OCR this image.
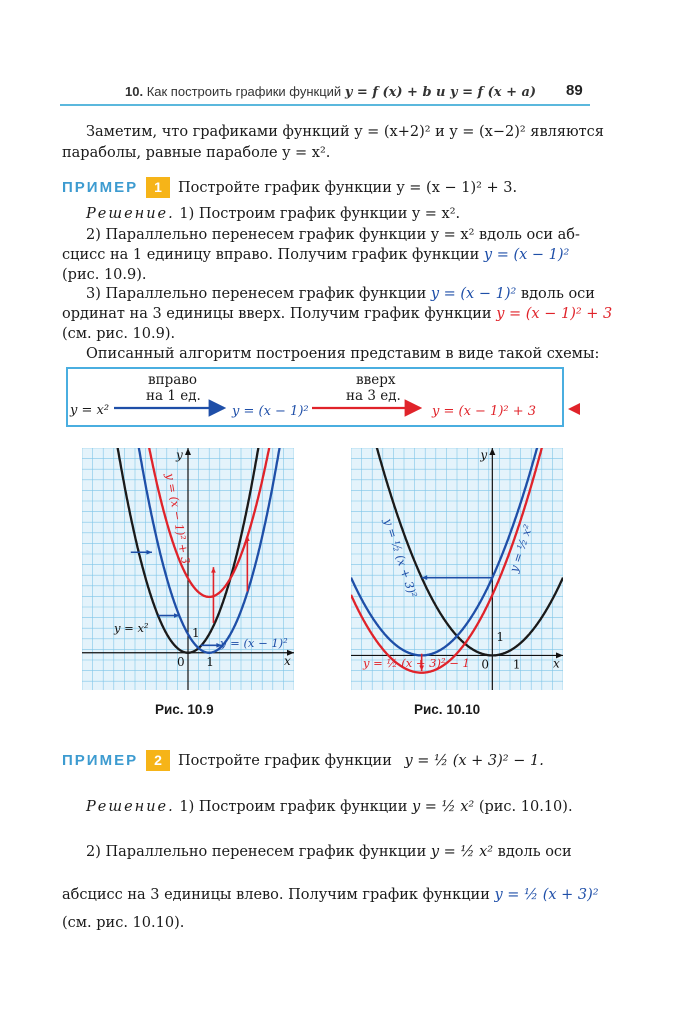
10. Как построить графики функций y = f (x) + b и y = f (x + a) 89
Заметим, что графиками функций y = (x+2)² и y = (x−2)² являются
параболы, равные параболе y = x².
ПРИМЕР	1	Постройте график функции y = (x − 1)² + 3.
Решение. 1) Построим график функции y = x².
2) Параллельно перенесем график функции y = x² вдоль оси аб-
сцисс на 1 единицу вправо. Получим график функции y = (x − 1)²
(рис. 10.9).
3) Параллельно перенесем график функции y = (x − 1)² вдоль оси
ординат на 3 единицы вверх. Получим график функции y = (x − 1)² + 3
(см. рис. 10.9).
Описанный алгоритм построения представим в виде такой схемы:
y = x²
вправо
на 1 ед.
y = (x − 1)²
вверх
на 3 ед.
y = (x − 1)² + 3
0 1
1
x
y
y = x²
y = (x − 1)²
y = (x − 1)² + 3
Рис. 10.9
0 1
1
x
y
y = ½ (x + 3)²
y = ½ (x + 3)² − 1
y = ½ x²
Рис. 10.10
ПРИМЕР	2	Постройте график функции y = ½ (x + 3)² − 1.
Решение. 1) Построим график функции y = ½ x² (рис. 10.10).
2) Параллельно перенесем график функции y = ½ x² вдоль оси
абсцисс на 3 единицы влево. Получим график функции y = ½ (x + 3)²
(см. рис. 10.10).
